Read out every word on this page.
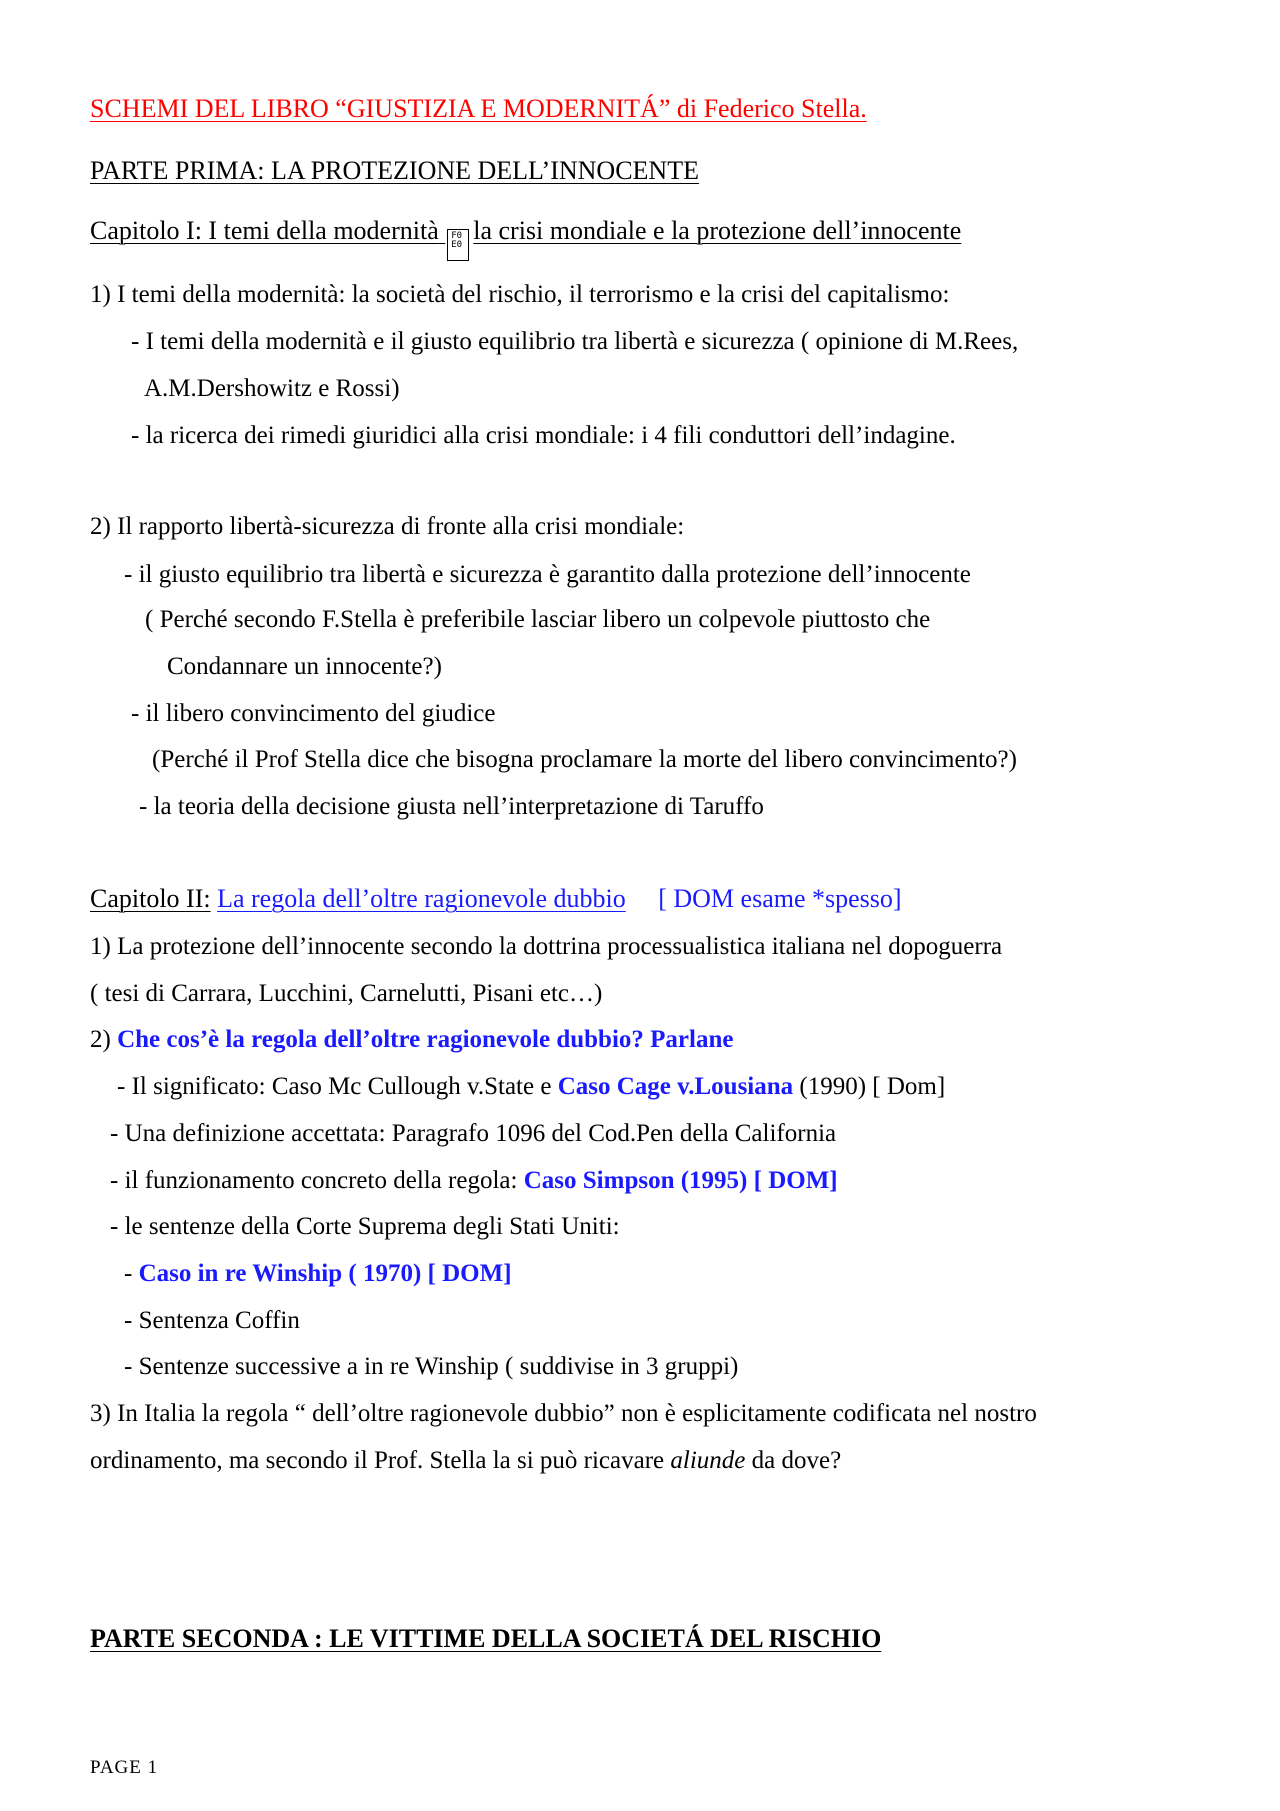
SCHEMI DEL LIBRO “GIUSTIZIA E MODERNITÁ” di Federico Stella.
PARTE PRIMA: LA PROTEZIONE DELL’INNOCENTE
Capitolo I: I temi della modernità F0E0 la crisi mondiale e la protezione dell’innocente
1) I temi della modernità: la società del rischio, il terrorismo e la crisi del capitalismo:
- I temi della modernità e il giusto equilibrio tra libertà e sicurezza ( opinione di M.Rees,
A.M.Dershowitz e Rossi)
- la ricerca dei rimedi giuridici alla crisi mondiale: i 4 fili conduttori dell’indagine.
2) Il rapporto libertà-sicurezza di fronte alla crisi mondiale:
- il giusto equilibrio tra libertà e sicurezza è garantito dalla protezione dell’innocente
( Perché secondo F.Stella è preferibile lasciar libero un colpevole piuttosto che
Condannare un innocente?)
- il libero convincimento del giudice
(Perché il Prof Stella dice che bisogna proclamare la morte del libero convincimento?)
- la teoria della decisione giusta nell’interpretazione di Taruffo
Capitolo II: La regola dell’oltre ragionevole dubbio [ DOM esame *spesso]
1) La protezione dell’innocente secondo la dottrina processualistica italiana nel dopoguerra
( tesi di Carrara, Lucchini, Carnelutti, Pisani etc…)
2) Che cos’è la regola dell’oltre ragionevole dubbio? Parlane
- Il significato: Caso Mc Cullough v.State e Caso Cage v.Lousiana (1990) [ Dom]
- Una definizione accettata: Paragrafo 1096 del Cod.Pen della California
- il funzionamento concreto della regola: Caso Simpson (1995) [ DOM]
- le sentenze della Corte Suprema degli Stati Uniti:
- Caso in re Winship ( 1970) [ DOM]
- Sentenza Coffin
- Sentenze successive a in re Winship ( suddivise in 3 gruppi)
3) In Italia la regola “ dell’oltre ragionevole dubbio” non è esplicitamente codificata nel nostro
ordinamento, ma secondo il Prof. Stella la si può ricavare aliunde da dove?
PARTE SECONDA : LE VITTIME DELLA SOCIETÁ DEL RISCHIO
PAGE 1
